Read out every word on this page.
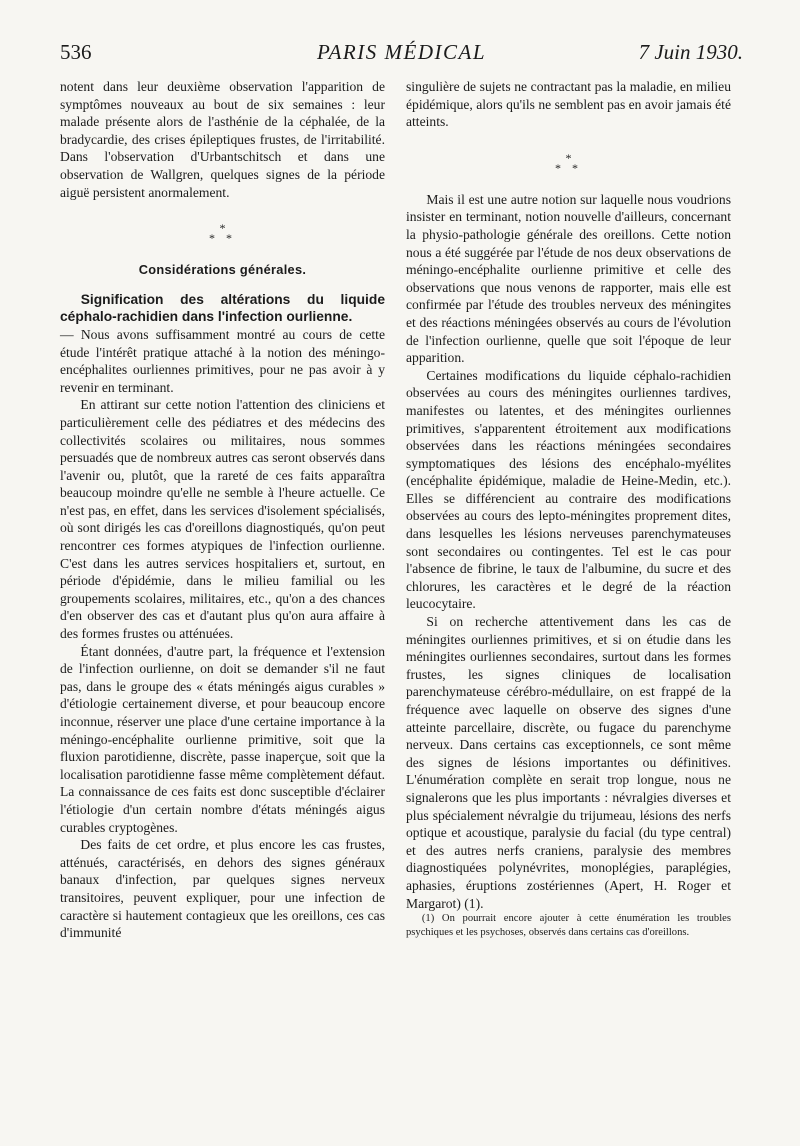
536	PARIS MÉDICAL	7 Juin 1930.

notent dans leur deuxième observation l'apparition de symptômes nouveaux au bout de six semaines : leur malade présente alors de l'asthénie de la céphalée, de la bradycardie, des crises épileptiques frustes, de l'irritabilité. Dans l'observation d'Urbantschitsch et dans une observation de Wallgren, quelques signes de la période aiguë persistent anormalement.

*
* *
Considérations générales.

Signification des altérations du liquide céphalo-rachidien dans l'infection ourlienne.

— Nous avons suffisamment montré au cours de cette étude l'intérêt pratique attaché à la notion des méningo-encéphalites ourliennes primitives, pour ne pas avoir à y revenir en terminant.

En attirant sur cette notion l'attention des cliniciens et particulièrement celle des pédiatres et des médecins des collectivités scolaires ou militaires, nous sommes persuadés que de nombreux autres cas seront observés dans l'avenir ou, plutôt, que la rareté de ces faits apparaîtra beaucoup moindre qu'elle ne semble à l'heure actuelle. Ce n'est pas, en effet, dans les services d'isolement spécialisés, où sont dirigés les cas d'oreillons diagnostiqués, qu'on peut rencontrer ces formes atypiques de l'infection ourlienne. C'est dans les autres services hospitaliers et, surtout, en période d'épidémie, dans le milieu familial ou les groupements scolaires, militaires, etc., qu'on a des chances d'en observer des cas et d'autant plus qu'on aura affaire à des formes frustes ou atténuées.

Étant données, d'autre part, la fréquence et l'extension de l'infection ourlienne, on doit se demander s'il ne faut pas, dans le groupe des « états méningés aigus curables » d'étiologie certainement diverse, et pour beaucoup encore inconnue, réserver une place d'une certaine importance à la méningo-encéphalite ourlienne primitive, soit que la fluxion parotidienne, discrète, passe inaperçue, soit que la localisation parotidienne fasse même complètement défaut. La connaissance de ces faits est donc susceptible d'éclairer l'étiologie d'un certain nombre d'états méningés aigus curables cryptogènes.

Des faits de cet ordre, et plus encore les cas frustes, atténués, caractérisés, en dehors des signes généraux banaux d'infection, par quelques signes nerveux transitoires, peuvent expliquer, pour une infection de caractère si hautement contagieux que les oreillons, ces cas d'immunité

singulière de sujets ne contractant pas la maladie, en milieu épidémique, alors qu'ils ne semblent pas en avoir jamais été atteints.

*
* *

Mais il est une autre notion sur laquelle nous voudrions insister en terminant, notion nouvelle d'ailleurs, concernant la physio-pathologie générale des oreillons. Cette notion nous a été suggérée par l'étude de nos deux observations de méningo-encéphalite ourlienne primitive et celle des observations que nous venons de rapporter, mais elle est confirmée par l'étude des troubles nerveux des méningites et des réactions méningées observés au cours de l'évolution de l'infection ourlienne, quelle que soit l'époque de leur apparition.

Certaines modifications du liquide céphalo-rachidien observées au cours des méningites ourliennes tardives, manifestes ou latentes, et des méningites ourliennes primitives, s'apparentent étroitement aux modifications observées dans les réactions méningées secondaires symptomatiques des lésions des encéphalo-myélites (encéphalite épidémique, maladie de Heine-Medin, etc.). Elles se différencient au contraire des modifications observées au cours des lepto-méningites proprement dites, dans lesquelles les lésions nerveuses parenchymateuses sont secondaires ou contingentes. Tel est le cas pour l'absence de fibrine, le taux de l'albumine, du sucre et des chlorures, les caractères et le degré de la réaction leucocytaire.

Si on recherche attentivement dans les cas de méningites ourliennes primitives, et si on étudie dans les méningites ourliennes secondaires, surtout dans les formes frustes, les signes cliniques de localisation parenchymateuse cérébro-médullaire, on est frappé de la fréquence avec laquelle on observe des signes d'une atteinte parcellaire, discrète, ou fugace du parenchyme nerveux. Dans certains cas exceptionnels, ce sont même des signes de lésions importantes ou définitives. L'énumération complète en serait trop longue, nous ne signalerons que les plus importants : névralgies diverses et plus spécialement névralgie du trijumeau, lésions des nerfs optique et acoustique, paralysie du facial (du type central) et des autres nerfs craniens, paralysie des membres diagnostiquées polynévrites, monoplégies, paraplégies, aphasies, éruptions zostériennes (Apert, H. Roger et Margarot) (1).

(1) On pourrait encore ajouter à cette énumération les troubles psychiques et les psychoses, observés dans certains cas d'oreillons.
